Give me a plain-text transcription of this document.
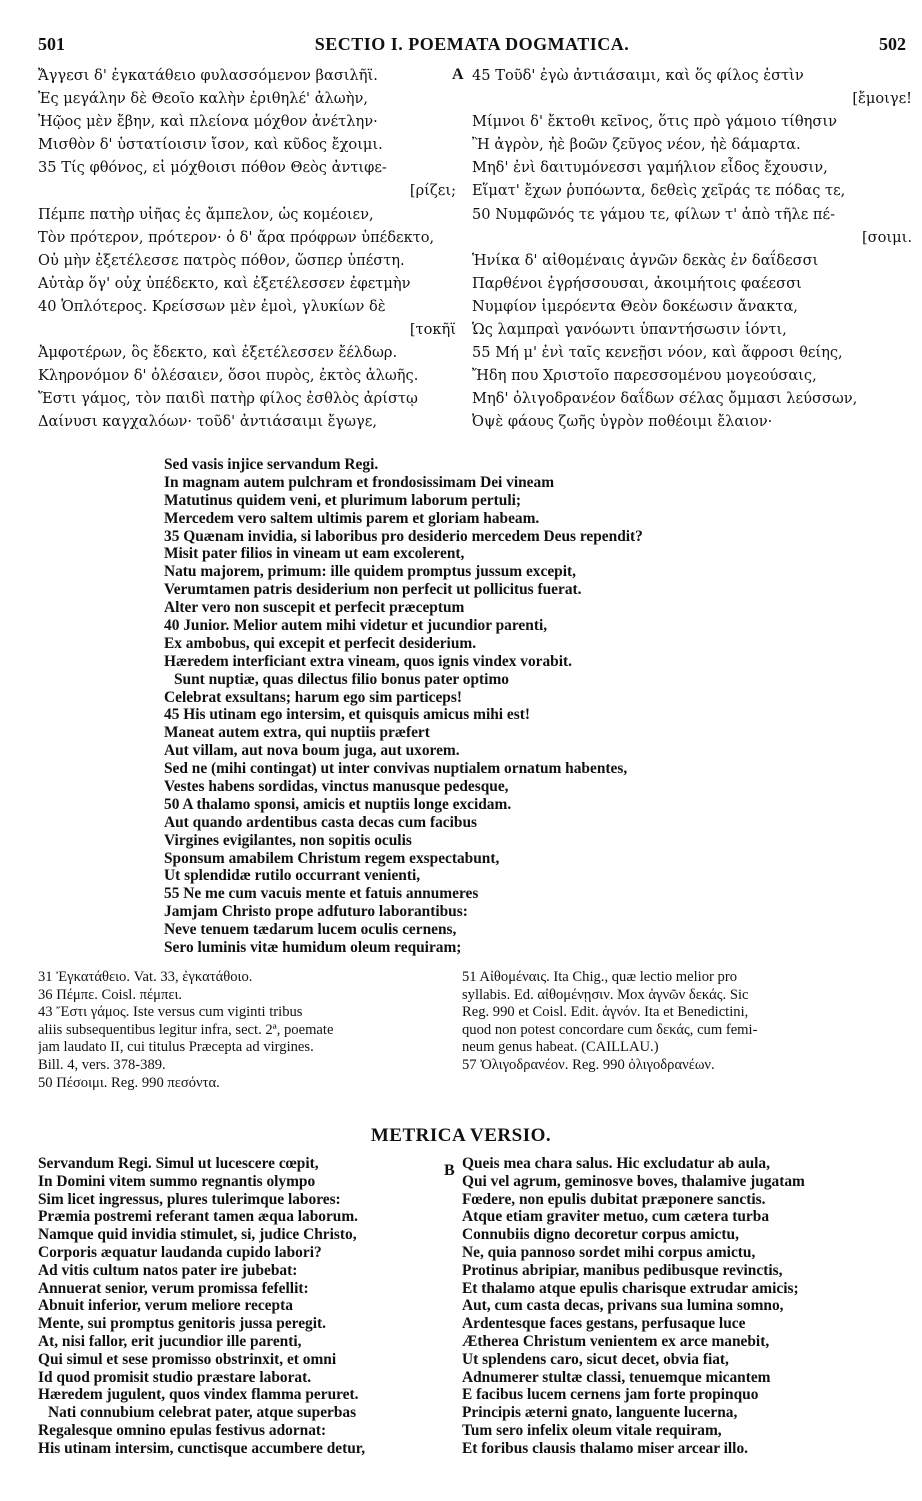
501	SECTIO I. POEMATA DOGMATICA.	502
Ἄγγεσι δ' ἐγκατάθειο φυλασσόμενον βασιλῆϊ.
Ἐς μεγάλην δὲ Θεοῖο καλὴν ἐριθηλέ' ἀλωὴν,
Ἠῷος μὲν ἔβην, καὶ πλείονα μόχθον ἀνέτλην·
Μισθὸν δ' ὑστατίοισιν ἴσον, καὶ κῦδος ἔχοιμι.
35 Τίς φθόνος, εἰ μόχθοισι πόθον Θεὸς ἀντιφε-
[ρίζει;
Πέμπε πατὴρ υἱῆας ἐς ἄμπελον, ὡς κομέοιεν,
Τὸν πρότερον, πρότερον· ὁ δ' ἄρα πρόφρων ὑπέδεκτο,
Οὐ μὴν ἐξετέλεσσε πατρὸς πόθον, ὥσπερ ὑπέστη.
Αὐτὰρ ὅγ' οὐχ ὑπέδεκτο, καὶ ἐξετέλεσσεν ἐφετμὴν
40 Ὁπλότερος. Κρείσσων μὲν ἐμοὶ, γλυκίων δὲ
[τοκῆϊ
Ἀμφοτέρων, ὃς ἔδεκτο, καὶ ἐξετέλεσσεν ἔέλδωρ.
Κληρονόμον δ' ὀλέσαιεν, ὅσοι πυρὸς, ἐκτὸς ἀλωῆς.
Ἔστι γάμος, τὸν παιδὶ πατὴρ φίλος ἐσθλὸς ἀρίστῳ
Δαίνυσι καγχαλόων· τοῦδ' ἀντιάσαιμι ἔγωγε,
A 45 Τοῦδ' ἐγὼ ἀντιάσαιμι, καὶ ὅς φίλος ἐστὶν
[ἔμοιγε!
Μίμνοι δ' ἔκτοθι κεῖνος, ὅτις πρὸ γάμοιο τίθησιν
Ἢ ἀγρὸν, ἠὲ βοῶν ζεῦγος νέον, ἠὲ δάμαρτα.
Μηδ' ἐνὶ δαιτυμόνεσσι γαμήλιον εἶδος ἔχουσιν,
Εἵματ' ἔχων ῥυπόωντα, δεθεὶς χεῖράς τε πόδας τε,
50 Νυμφῶνός τε γάμου τε, φίλων τ' ἀπὸ τῆλε πέ-
[σοιμι.
Ἡνίκα δ' αἰθομέναις ἁγνῶν δεκὰς ἐν δαΐδεσσι
Παρθένοι ἐγρήσσουσαι, ἀκοιμήτοις φαέεσσι
Νυμφίον ἱμερόεντα Θεὸν δοκέωσιν ἄνακτα,
Ὡς λαμπραὶ γανόωντι ὑπαντήσωσιν ἰόντι,
55 Μή μ' ἐνὶ ταῖς κενεῇσι νόον, καὶ ἄφροσι θείης,
Ἤδη που Χριστοῖο παρεσσομένου μογεούσαις,
Μηδ' ὀλιγοδρανέον δαΐδων σέλας ὄμμασι λεύσσων,
Ὀψὲ φάους ζωῆς ὑγρὸν ποθέοιμι ἔλαιον·
Sed vasis injice servandum Regi.
In magnam autem pulchram et frondosissimam Dei vineam
Matutinus quidem veni, et plurimum laborum pertuli;
Mercedem vero saltem ultimis parem et gloriam habeam.
35 Quænam invidia, si laboribus pro desiderio mercedem Deus rependit?
Misit pater filios in vineam ut eam excolerent,
Natu majorem, primum: ille quidem promptus jussum excepit,
Verumtamen patris desiderium non perfecit ut pollicitus fuerat.
Alter vero non suscepit et perfecit præceptum
40 Junior. Melior autem mihi videtur et jucundior parenti,
Ex ambobus, qui excepit et perfecit desiderium.
Hæredem interficiant extra vineam, quos ignis vindex vorabit.
Sunt nuptiæ, quas dilectus filio bonus pater optimo
Celebrat exsultans; harum ego sim particeps!
45 His utinam ego intersim, et quisquis amicus mihi est!
Maneat autem extra, qui nuptiis præfert
Aut villam, aut nova boum juga, aut uxorem.
Sed ne (mihi contingat) ut inter convivas nuptialem ornatum habentes,
Vestes habens sordidas, vinctus manusque pedesque,
50 A thalamo sponsi, amicis et nuptiis longe excidam.
Aut quando ardentibus casta decas cum facibus
Virgines evigilantes, non sopitis oculis
Sponsum amabilem Christum regem exspectabunt,
Ut splendidæ rutilo occurrant venienti,
55 Ne me cum vacuis mente et fatuis annumeres
Jamjam Christo prope adfuturo laborantibus:
Neve tenuem tædarum lucem oculis cernens,
Sero luminis vitæ humidum oleum requiram;
31 Ἐγκατάθειο. Vat. 33, ἐγκατάθοιο.
36 Πέμπε. Coisl. πέμπει.
43 Ἔστι γάμος. Iste versus cum viginti tribus
aliis subsequentibus legitur infra, sect. 2ª, poemate
jam laudato II, cui titulus Præcepta ad virgines.
Bill. 4, vers. 378-389.
50 Πέσοιμι. Reg. 990 πεσόντα.
51 Αἰθομέναις. Ita Chig., quæ lectio melior pro
syllabis. Ed. αἰθομένῃσιν. Mox ἁγνῶν δεκάς. Sic
Reg. 990 et Coisl. Edit. ἁγνόν. Ita et Benedictini,
quod non potest concordare cum δεκάς, cum femi-
neum genus habeat. (CAILLAU.)
57 Ὀλιγοδρανέον. Reg. 990 ὀλιγοδρανέων.
METRICA VERSIO.
Servandum Regi. Simul ut lucescere cœpit,
In Domini vitem summo regnantis olympo
Sim licet ingressus, plures tulerimque labores:
Præmia postremi referant tamen æqua laborum.
Namque quid invidia stimulet, si, judice Christo,
Corporis æquatur laudanda cupido labori?
Ad vitis cultum natos pater ire jubebat:
Annuerat senior, verum promissa fefellit:
Abnuit inferior, verum meliore recepta
Mente, sui promptus genitoris jussa peregit.
At, nisi fallor, erit jucundior ille parenti,
Qui simul et sese promisso obstrinxit, et omni
Id quod promisit studio præstare laborat.
Hæredem jugulent, quos vindex flamma peruret.
Nati connubium celebrat pater, atque superbas
Regalesque omnino epulas festivus adornat:
His utinam intersim, cunctisque accumbere detur,
B Queis mea chara salus. Hic excludatur ab aula,
Qui vel agrum, geminosve boves, thalamive jugatam
Fœdere, non epulis dubitat præponere sanctis.
Atque etiam graviter metuo, cum cætera turba
Connubiis digno decoretur corpus amictu,
Ne, quia pannoso sordet mihi corpus amictu,
Protinus abripiar, manibus pedibusque revinctis,
Et thalamo atque epulis charisque extrudar amicis;
Aut, cum casta decas, privans sua lumina somno,
Ardentesque faces gestans, perfusaque luce
Æthereа Christum venientem ex arce manebit,
Ut splendens caro, sicut decet, obvia fiat,
Adnumerer stultæ classi, tenuemque micantem
E facibus lucem cernens jam forte propinquo
Principis æterni gnato, languente lucerna,
Tum sero infelix oleum vitale requiram,
Et foribus clausis thalamo miser arcear illo.
